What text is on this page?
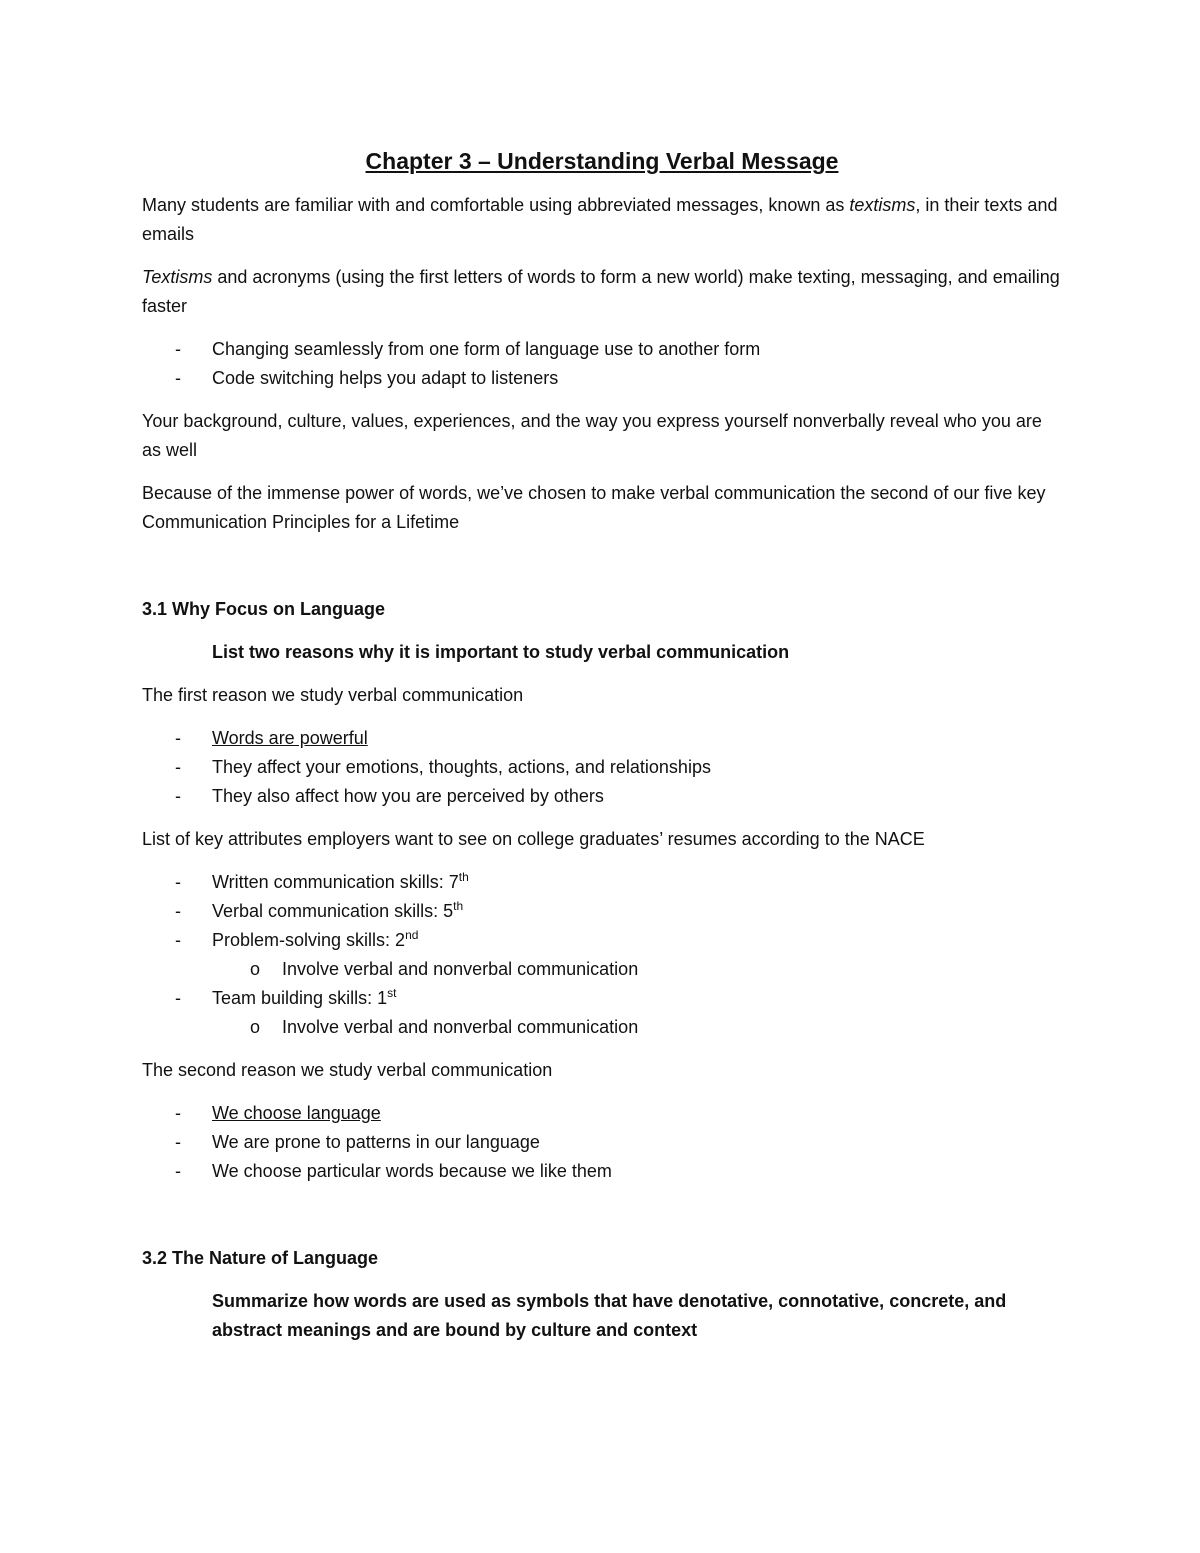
Chapter 3 – Understanding Verbal Message

Many students are familiar with and comfortable using abbreviated messages, known as textisms, in their texts and emails

Textisms and acronyms (using the first letters of words to form a new world) make texting, messaging, and emailing faster

- Changing seamlessly from one form of language use to another form
- Code switching helps you adapt to listeners

Your background, culture, values, experiences, and the way you express yourself nonverbally reveal who you are as well

Because of the immense power of words, we’ve chosen to make verbal communication the second of our five key Communication Principles for a Lifetime

3.1 Why Focus on Language
List two reasons why it is important to study verbal communication

The first reason we study verbal communication

- Words are powerful
- They affect your emotions, thoughts, actions, and relationships
- They also affect how you are perceived by others

List of key attributes employers want to see on college graduates’ resumes according to the NACE

- Written communication skills: 7th
- Verbal communication skills: 5th
- Problem-solving skills: 2nd
o Involve verbal and nonverbal communication
- Team building skills: 1st
o Involve verbal and nonverbal communication

The second reason we study verbal communication

- We choose language
- We are prone to patterns in our language
- We choose particular words because we like them
3.2 The Nature of Language
Summarize how words are used as symbols that have denotative, connotative, concrete, and abstract meanings and are bound by culture and context
